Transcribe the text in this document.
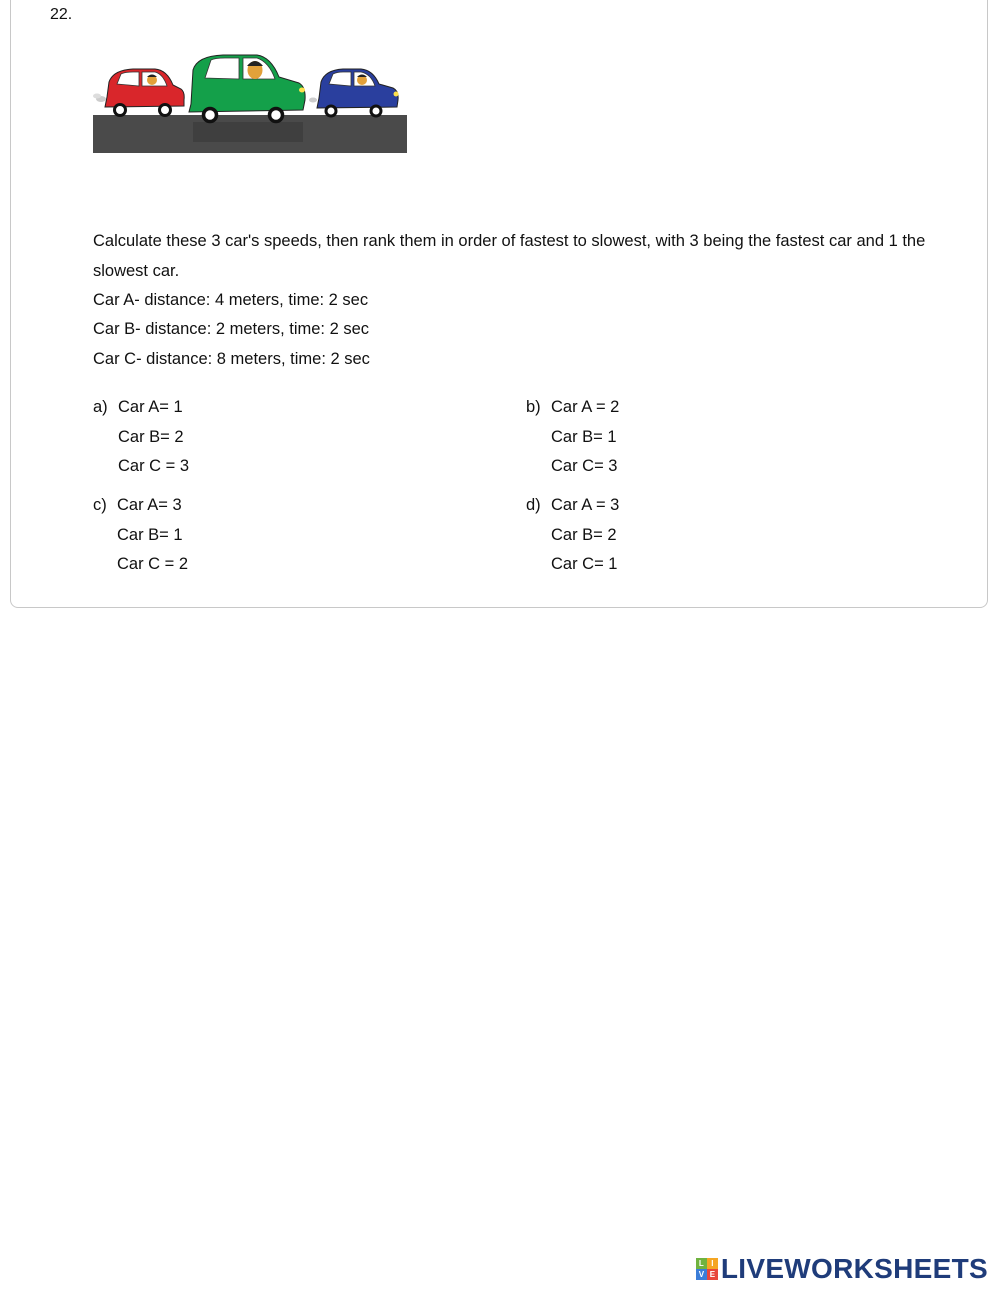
22.
Calculate these 3 car's speeds, then rank them in order of fastest to slowest, with 3 being the fastest car and 1 the slowest car.
Car A- distance: 4 meters, time: 2 sec
Car B- distance: 2 meters, time: 2 sec
Car C- distance: 8 meters, time: 2 sec
a) Car A= 1
Car B= 2
Car C = 3
b) Car A = 2
Car B= 1
Car C= 3
c) Car A= 3
Car B= 1
Car C = 2
d) Car A = 3
Car B= 2
Car C= 1
L I
V E LIVEWORKSHEETS
